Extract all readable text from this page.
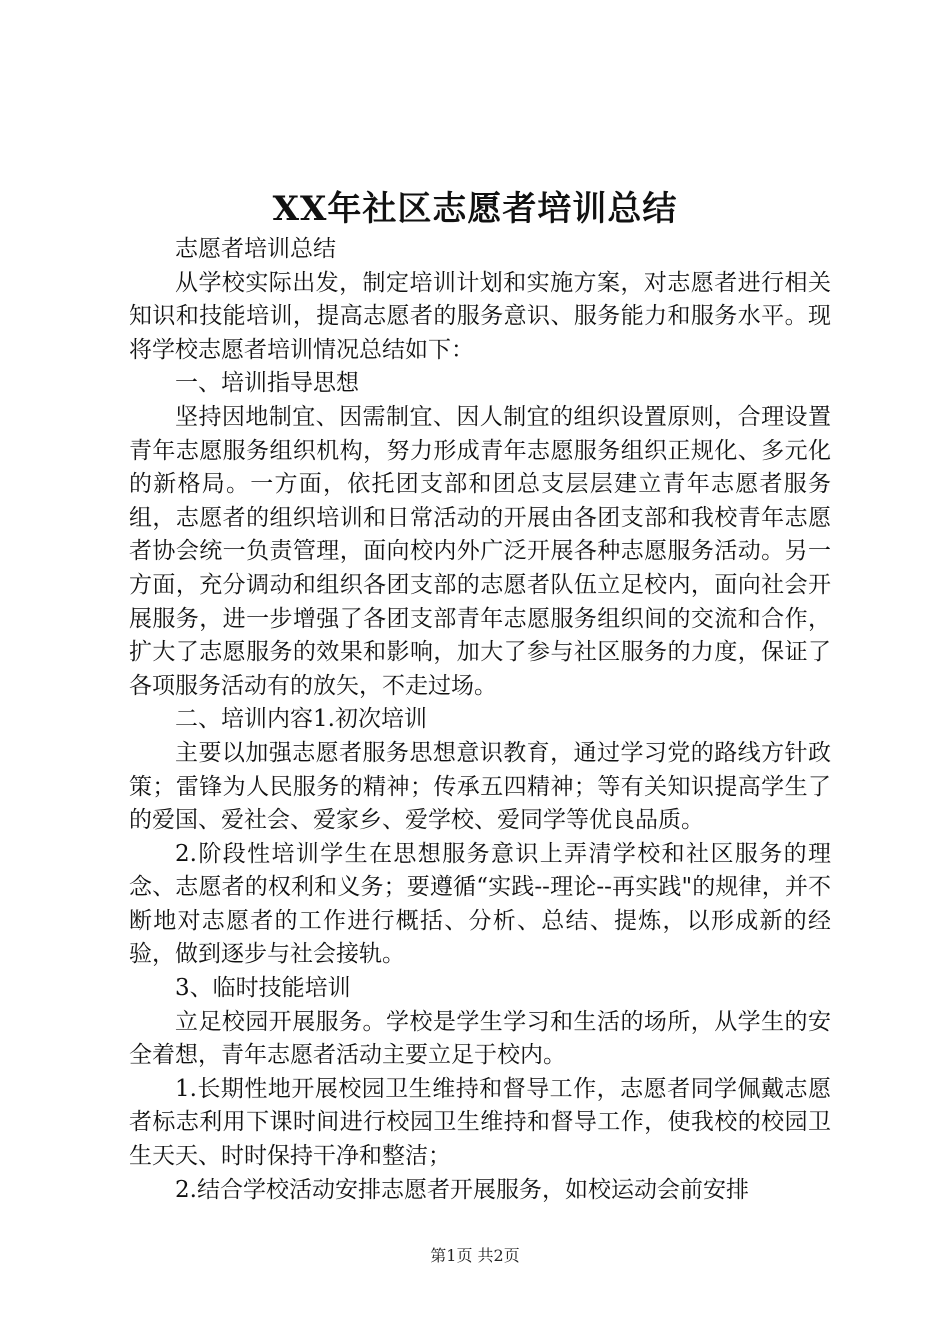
XX年社区志愿者培训总结

志愿者培训总结

从学校实际出发，制定培训计划和实施方案，对志愿者进行相关知识和技能培训，提高志愿者的服务意识、服务能力和服务水平。现将学校志愿者培训情况总结如下：

一、培训指导思想

坚持因地制宜、因需制宜、因人制宜的组织设置原则，合理设置青年志愿服务组织机构，努力形成青年志愿服务组织正规化、多元化的新格局。一方面，依托团支部和团总支层层建立青年志愿者服务组，志愿者的组织培训和日常活动的开展由各团支部和我校青年志愿者协会统一负责管理，面向校内外广泛开展各种志愿服务活动。另一方面，充分调动和组织各团支部的志愿者队伍立足校内，面向社会开展服务，进一步增强了各团支部青年志愿服务组织间的交流和合作，扩大了志愿服务的效果和影响，加大了参与社区服务的力度，保证了各项服务活动有的放矢，不走过场。

二、培训内容1.初次培训

主要以加强志愿者服务思想意识教育，通过学习党的路线方针政策；雷锋为人民服务的精神；传承五四精神；等有关知识提高学生了的爱国、爱社会、爱家乡、爱学校、爱同学等优良品质。

2.阶段性培训学生在思想服务意识上弄清学校和社区服务的理念、志愿者的权利和义务；要遵循“实践--理论--再实践"的规律，并不断地对志愿者的工作进行概括、分析、总结、提炼，以形成新的经验，做到逐步与社会接轨。

3、临时技能培训

立足校园开展服务。学校是学生学习和生活的场所，从学生的安全着想，青年志愿者活动主要立足于校内。

1.长期性地开展校园卫生维持和督导工作，志愿者同学佩戴志愿者标志利用下课时间进行校园卫生维持和督导工作，使我校的校园卫生天天、时时保持干净和整洁；

2.结合学校活动安排志愿者开展服务，如校运动会前安排

第1页 共2页
